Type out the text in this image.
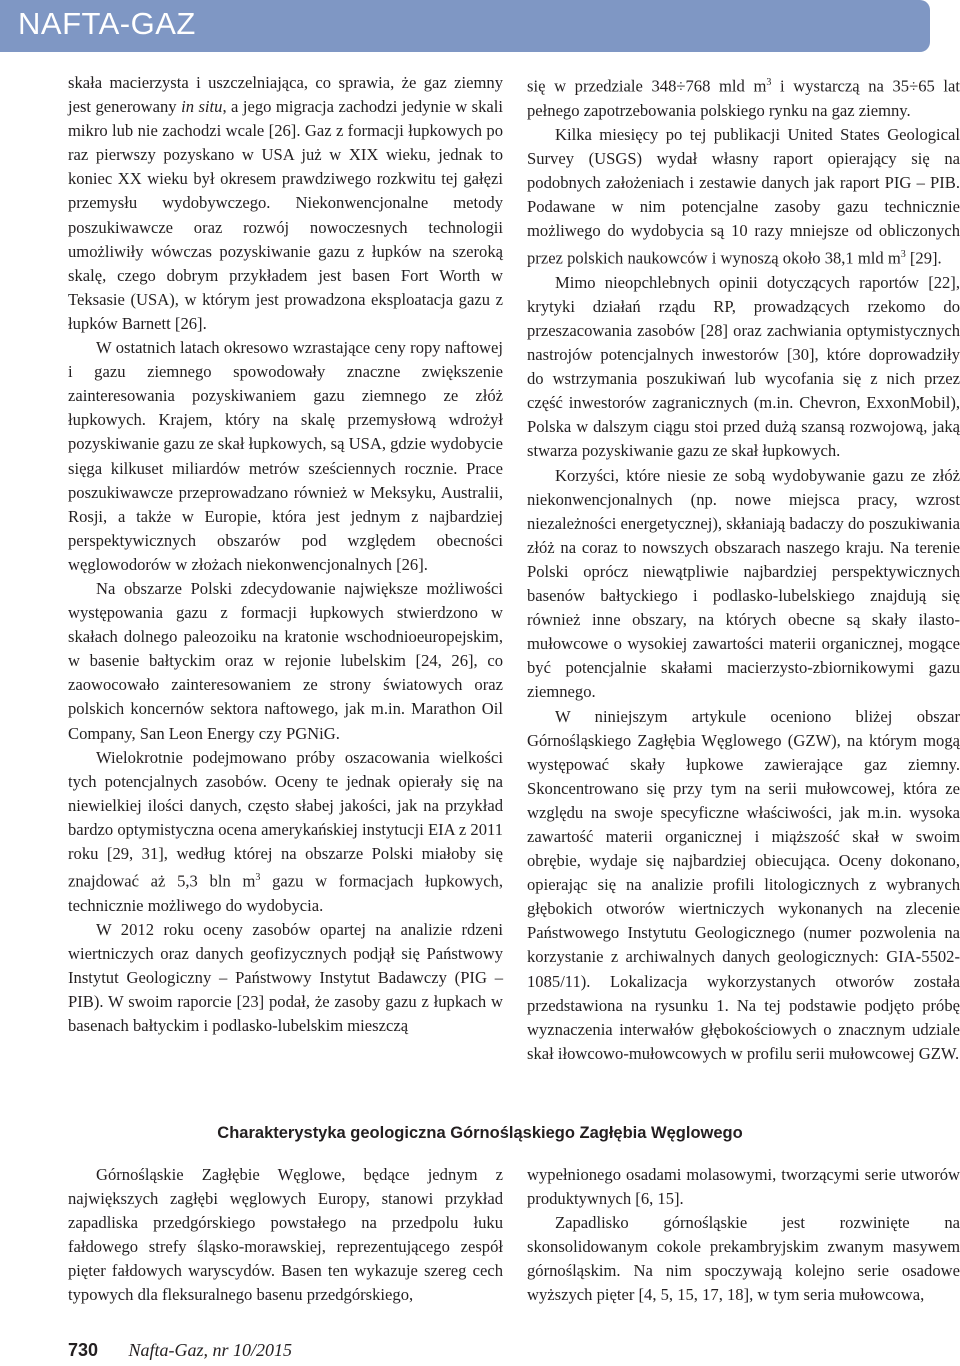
NAFTA-GAZ

skała macierzysta i uszczelniająca, co sprawia, że gaz ziemny jest generowany in situ, a jego migracja zachodzi jedynie w skali mikro lub nie zachodzi wcale [26]. Gaz z formacji łupkowych po raz pierwszy pozyskano w USA już w XIX wieku, jednak to koniec XX wieku był okresem prawdziwego rozkwitu tej gałęzi przemysłu wydobywczego. Niekonwencjonalne metody poszukiwawcze oraz rozwój nowoczesnych technologii umożliwiły wówczas pozyskiwanie gazu z łupków na szeroką skalę, czego dobrym przykładem jest basen Fort Worth w Teksasie (USA), w którym jest prowadzona eksploatacja gazu z łupków Barnett [26].

W ostatnich latach okresowo wzrastające ceny ropy naftowej i gazu ziemnego spowodowały znaczne zwiększenie zainteresowania pozyskiwaniem gazu ziemnego ze złóż łupkowych. Krajem, który na skalę przemysłową wdrożył pozyskiwanie gazu ze skał łupkowych, są USA, gdzie wydobycie sięga kilkuset miliardów metrów sześciennych rocznie. Prace poszukiwawcze przeprowadzano również w Meksyku, Australii, Rosji, a także w Europie, która jest jednym z najbardziej perspektywicznych obszarów pod względem obecności węglowodorów w złożach niekonwencjonalnych [26].

Na obszarze Polski zdecydowanie największe możliwości występowania gazu z formacji łupkowych stwierdzono w skałach dolnego paleozoiku na kratonie wschodnioeuropejskim, w basenie bałtyckim oraz w rejonie lubelskim [24, 26], co zaowocowało zainteresowaniem ze strony światowych oraz polskich koncernów sektora naftowego, jak m.in. Marathon Oil Company, San Leon Energy czy PGNiG.

Wielokrotnie podejmowano próby oszacowania wielkości tych potencjalnych zasobów. Oceny te jednak opierały się na niewielkiej ilości danych, często słabej jakości, jak na przykład bardzo optymistyczna ocena amerykańskiej instytucji EIA z 2011 roku [29, 31], według której na obszarze Polski miałoby się znajdować aż 5,3 bln $m^3$ gazu w formacjach łupkowych, technicznie możliwego do wydobycia.

W 2012 roku oceny zasobów opartej na analizie rdzeni wiertniczych oraz danych geofizycznych podjął się Państwowy Instytut Geologiczny – Państwowy Instytut Badawczy (PIG – PIB). W swoim raporcie [23] podał, że zasoby gazu z łupkach w basenach bałtyckim i podlasko-lubelskim mieszczą

się w przedziale 348÷768 mld $m^3$ i wystarczą na 35÷65 lat pełnego zapotrzebowania polskiego rynku na gaz ziemny.

Kilka miesięcy po tej publikacji United States Geological Survey (USGS) wydał własny raport opierający się na podobnych założeniach i zestawie danych jak raport PIG – PIB. Podawane w nim potencjalne zasoby gazu technicznie możliwego do wydobycia są 10 razy mniejsze od obliczonych przez polskich naukowców i wynoszą około 38,1 mld $m^3$ [29].

Mimo nieopchlebnych opinii dotyczących raportów [22], krytyki działań rządu RP, prowadzących rzekomo do przeszacowania zasobów [28] oraz zachwiania optymistycznych nastrojów potencjalnych inwestorów [30], które doprowadziły do wstrzymania poszukiwań lub wycofania się z nich przez część inwestorów zagranicznych (m.in. Chevron, ExxonMobil), Polska w dalszym ciągu stoi przed dużą szansą rozwojową, jaką stwarza pozyskiwanie gazu ze skał łupkowych.

Korzyści, które niesie ze sobą wydobywanie gazu ze złóż niekonwencjonalnych (np. nowe miejsca pracy, wzrost niezależności energetycznej), skłaniają badaczy do poszukiwania złóż na coraz to nowszych obszarach naszego kraju. Na terenie Polski oprócz niewątpliwie najbardziej perspektywicznych basenów bałtyckiego i podlasko-lubelskiego znajdują się również inne obszary, na których obecne są skały ilasto-mułowcowe o wysokiej zawartości materii organicznej, mogące być potencjalnie skałami macierzysto-zbiornikowymi gazu ziemnego.

W niniejszym artykule oceniono bliżej obszar Górnośląskiego Zagłębia Węglowego (GZW), na którym mogą występować skały łupkowe zawierające gaz ziemny. Skoncentrowano się przy tym na serii mułowcowej, która ze względu na swoje specyficzne właściwości, jak m.in. wysoka zawartość materii organicznej i miąższość skał w swoim obrębie, wydaje się najbardziej obiecująca. Oceny dokonano, opierając się na analizie profili litologicznych z wybranych głębokich otworów wiertniczych wykonanych na zlecenie Państwowego Instytutu Geologicznego (numer pozwolenia na korzystanie z archiwalnych danych geologicznych: GIA-5502-1085/11). Lokalizacja wykorzystanych otworów została przedstawiona na rysunku 1. Na tej podstawie podjęto próbę wyznaczenia interwałów głębokościowych o znacznym udziale skał iłowcowo-mułowcowych w profilu serii mułowcowej GZW.

Charakterystyka geologiczna Górnośląskiego Zagłębia Węglowego

Górnośląskie Zagłębie Węglowe, będące jednym z największych zagłębi węglowych Europy, stanowi przykład zapadliska przedgórskiego powstałego na przedpolu łuku fałdowego strefy śląsko-morawskiej, reprezentującego zespół pięter fałdowych waryscydów. Basen ten wykazuje szereg cech typowych dla fleksuralnego basenu przedgórskiego,

wypełnionego osadami molasowymi, tworzącymi serie utworów produktywnych [6, 15].

Zapadlisko górnośląskie jest rozwinięte na skonsolidowanym cokole prekambryjskim zwanym masywem górnośląskim. Na nim spoczywają kolejno serie osadowe wyższych pięter [4, 5, 15, 17, 18], w tym seria mułowcowa,

730 Nafta-Gaz, nr 10/2015
